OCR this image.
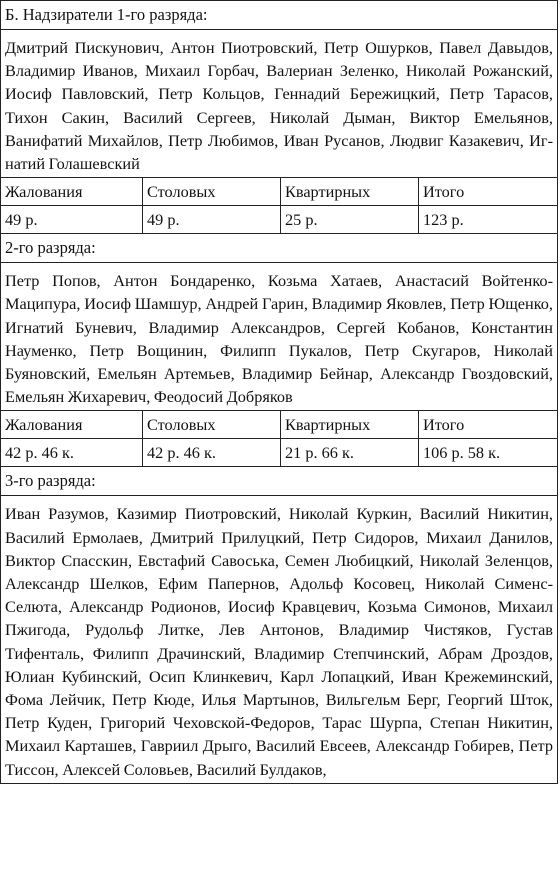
Б. Надзиратели 1-го разряда:
Дмитрий Пискунович, Антон Пиотровский, Петр Ошурков, Павел Давыдов, Владимир Иванов, Михаил Горбач, Валериан Зеленко, Николай Рожанский, Иосиф Павловский, Петр Кольцов, Геннадий Бережицкий, Петр Тарасов, Тихон Сакин, Василий Сергеев, Николай Дыман, Виктор Емельянов, Ванифатий Михайлов, Петр Любимов, Иван Русанов, Людвиг Казакевич, Игнатий Голашевский
Жалования	Столовых	Квартирных	Итого
49 р.	49 р.	25 р.	123 р.
2-го разряда:
Петр Попов, Антон Бондаренко, Козьма Хатаев, Анастасий Войтенко-Маципура, Иосиф Шамшур, Андрей Гарин, Владимир Яковлев, Петр Ющенко, Игнатий Буневич, Владимир Александров, Сергей Кобанов, Константин Науменко, Петр Вощинин, Филипп Пукалов, Петр Скугаров, Николай Буяновский, Емельян Артемьев, Владимир Бейнар, Александр Гвоздовский, Емельян Жихаревич, Феодосий Добряков
Жалования	Столовых	Квартирных	Итого
42 р. 46 к.	42 р. 46 к.	21 р. 66 к.	106 р. 58 к.
3-го разряда:
Иван Разумов, Казимир Пиотровский, Николай Куркин, Василий Никитин, Василий Ермолаев, Дмитрий Прилуцкий, Петр Сидоров, Михаил Данилов, Виктор Спасскин, Евстафий Савоська, Семен Любицкий, Николай Зеленцов, Александр Шелков, Ефим Папернов, Адольф Косовец, Николай Сименс-Селюта, Александр Родионов, Иосиф Кравцевич, Козьма Симонов, Михаил Пжигода, Рудольф Литке, Лев Антонов, Владимир Чистяков, Густав Тифенталь, Филипп Драчинский, Владимир Степчинский, Абрам Дроздов, Юлиан Кубинский, Осип Клинкевич, Карл Лопацкий, Иван Крежеминский, Фома Лейчик, Петр Кюде, Илья Мартынов, Вильгельм Берг, Георгий Шток, Петр Куден, Григорий Чеховской-Федоров, Тарас Шурпа, Степан Никитин, Михаил Карташев, Гавриил Дрыго, Василий Евсеев, Александр Гобирев, Петр Тиссон, Алексей Соловьев, Василий Булдаков,
